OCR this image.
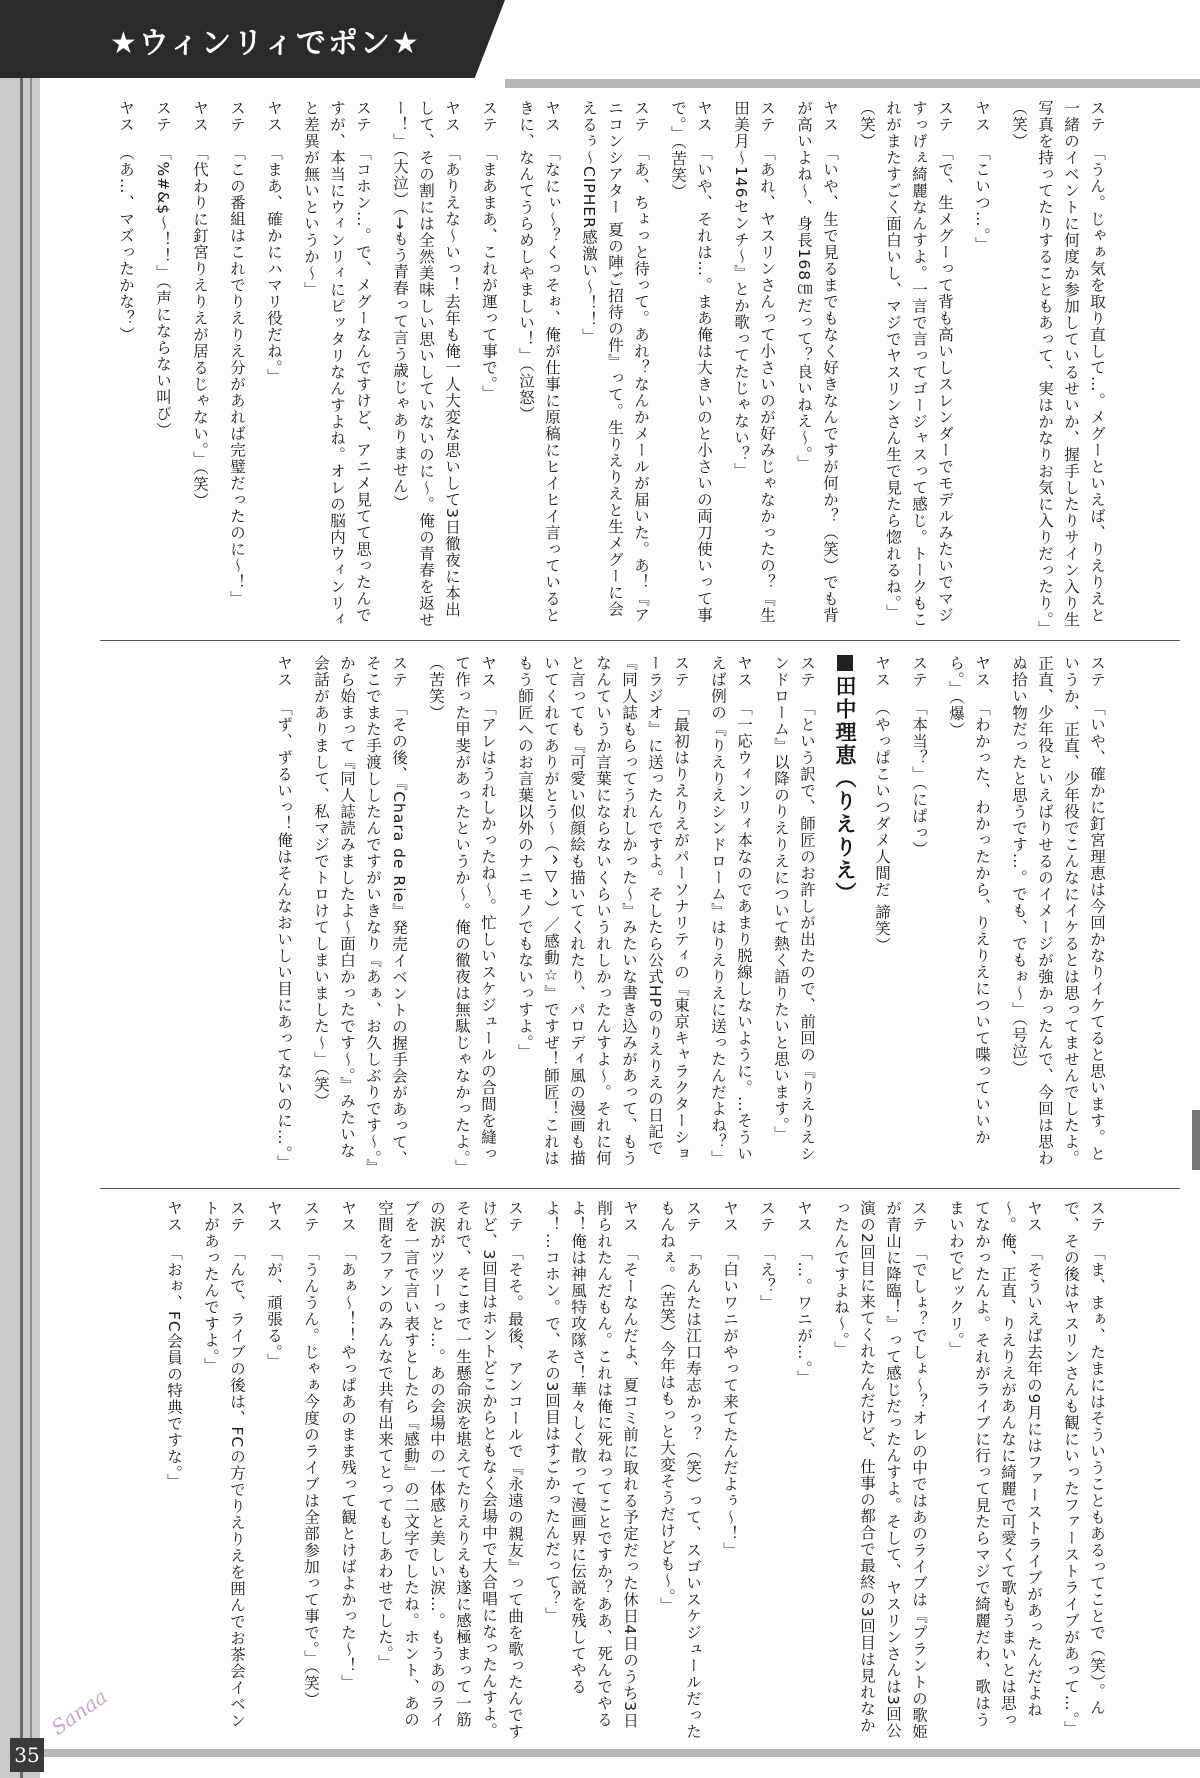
★ウィンリィでポン★
ステ 「うん。じゃぁ気を取り直して…。メグーといえば、りえりえと一緒のイベントに何度か参加しているせいか、握手したりサイン入り生写真を持ってたりすることもあって、実はかなりお気に入りだったり。」（笑）
ヤス 「こいつ…。」
ステ 「で、生メグーって背も高いしスレンダーでモデルみたいでマジすっげぇ綺麗なんすよ。一言で言ってゴージャスって感じ。トークもこれがまたすごく面白いし、マジでヤスリンさん生で見たら惚れるね。」（笑）
ヤス 「いや、生で見るまでもなく好きなんですが何か？（笑）でも背が高いよね～、身長168㎝だって？良いねえ～。」
ステ 「あれ、ヤスリンさんって小さいのが好みじゃなかったの？『生田美月～146センチ～』とか歌ってたじゃない？」
ヤス 「いや、それは…。まあ俺は大きいのと小さいの両刀使いって事で。」（苦笑）
ステ 「あ、ちょっと待って。あれ？なんかメールが届いた。あ！『アニコンシアター 夏の陣ご招待の件』って。生りえりえと生メグーに会えるぅ～CIPHER感激い～！！」
ヤス 「なにぃ～？くっそぉ、俺が仕事に原稿にヒイヒイ言っているときに、なんてうらめしやましい！」（泣怒）
ステ 「まあまあ、これが運って事で。」
ヤス 「ありえな～いっ！去年も俺一人大変な思いして3日徹夜に本出して、その割には全然美味しい思いしていないのに～。俺の青春を返せー！」（大泣）（→もう青春って言う歳じゃありません）
ステ 「コホン…。で、メグーなんですけど、アニメ見てて思ったんですが、本当にウィンリィにピッタリなんすよね。オレの脳内ウィンリィと差異が無いというか～」
ヤス 「まあ、確かにハマリ役だね。」
ステ 「この番組はこれでりえりえ分があれば完璧だったのに～！」
ヤス 「代わりに釘宮りえりえが居るじゃない。」（笑）
ステ 「%#&$～！！」（声にならない叫び）
ヤス （あ…、マズったかな？）
ステ 「いや、確かに釘宮理恵は今回かなりイケてると思います。というか、正直、少年役でこんなにイケるとは思ってませんでしたよ。正直、少年役といえばりせるのイメージが強かったんで、今回は思わぬ拾い物だったと思うです…。でも、でもぉ～」（号泣）
ヤス 「わかった、わかったから、りえりえについて喋っていいから。」（爆）
ステ 「本当？」（にぱっ）
ヤス （やっぱこいつダメ人間だ 諦笑）
田中理恵（りえりえ）
ステ 「という訳で、師匠のお許しが出たので、前回の『りえりえシンドローム』以降のりえりえについて熱く語りたいと思います。」
ヤス 「一応ウィンリィ本なのであまり脱線しないように。…そういえば例の『りえりえシンドローム』はりえりえに送ったんだよね？」
ステ 「最初はりえりえがパーソナリティの『東京キャラクターショーラジオ』に送ったんですよ。そしたら公式HPのりえりえの日記で『同人誌もらってうれしかった～』みたいな書き込みがあって、もうなんていうか言葉にならないくらいうれしかったんすよ～。それに何と言っても『可愛い似顔絵も描いてくれたり、パロディ風の漫画も描いてくれてありがとう～（^▽^）／感動☆』ですぜ！師匠！これはもう師匠へのお言葉以外のナニモノでもないっすよ。」
ヤス 「アレはうれしかったね～。忙しいスケジュールの合間を縫って作った甲斐があったというか～。俺の徹夜は無駄じゃなかったよ。」（苦笑）
ステ 「その後、『Chara de Rie』発売イベントの握手会があって、そこでまた手渡ししたんですがいきなり『あぁ、お久しぶりです～。』から始まって『同人誌読みましたよ～面白かったです～。』みたいな会話がありまして、私マジでトロけてしまいました～」（笑）
ヤス 「ず、ずるいっ！俺はそんなおいしい目にあってないのに…。」
ステ 「ま、まぁ、たまにはそういうこともあるってことで（笑）。んで、その後はヤスリンさんも観にいったファーストライブがあって…。」
ヤス 「そういえば去年の9月にはファーストライブがあったんだよね～。俺、正直、りえりえがあんなに綺麗で可愛くて歌もうまいとは思ってなかったんよ。それがライブに行って見たらマジで綺麗だわ、歌はうまいわでビックリ。」
ステ 「でしょ？でしょ～？オレの中ではあのライブは『プラントの歌姫が青山に降臨！』って感じだったんすよ。そして、ヤスリンさんは3回公演の2回目に来てくれたんだけど、仕事の都合で最終の3回目は見れなかったんですよね～。」
ヤス 「…。ワニが…。」
ステ 「え？」
ヤス 「白いワニがやって来てたんだよぅ～！」
ステ 「あんたは江口寿志かっ？（笑）って、スゴいスケジュールだったもんねぇ。（苦笑）今年はもっと大変そうだけども～。」
ヤス 「そーなんだよ、夏コミ前に取れる予定だった休日4日のうち3日削られたんだもん。これは俺に死ねってことですか？ああ、死んでやるよ！俺は神風特攻隊さ！華々しく散って漫画界に伝説を残してやるよ！…コホン。で、その3回目はすごかったんだって？」
ステ 「そそ。最後、アンコールで『永遠の親友』って曲を歌ったんですけど、3回目はホントどこからともなく会場中で大合唱になったんすよ。それで、そこまで一生懸命涙を堪えてたりえりえも遂に感極まって一筋の涙がツツーっと…。あの会場中の一体感と美しい涙…。もうあのライブを一言で言い表すとしたら『感動』の二文字でしたね。ホント、あの空間をファンのみんなで共有出来てとってもしあわせでした。」
ヤス 「あぁ～！！やっぱあのまま残って観とけばよかった～！」
ステ 「うんうん。じゃぁ今度のライブは全部参加って事で。」（笑）
ヤス 「が、頑張る。」
ステ 「んで、ライブの後は、FCの方でりえりえを囲んでお茶会イベントがあったんですよ。」
ヤス 「おぉ、FC会員の特典ですな。」
Sanaa
35
